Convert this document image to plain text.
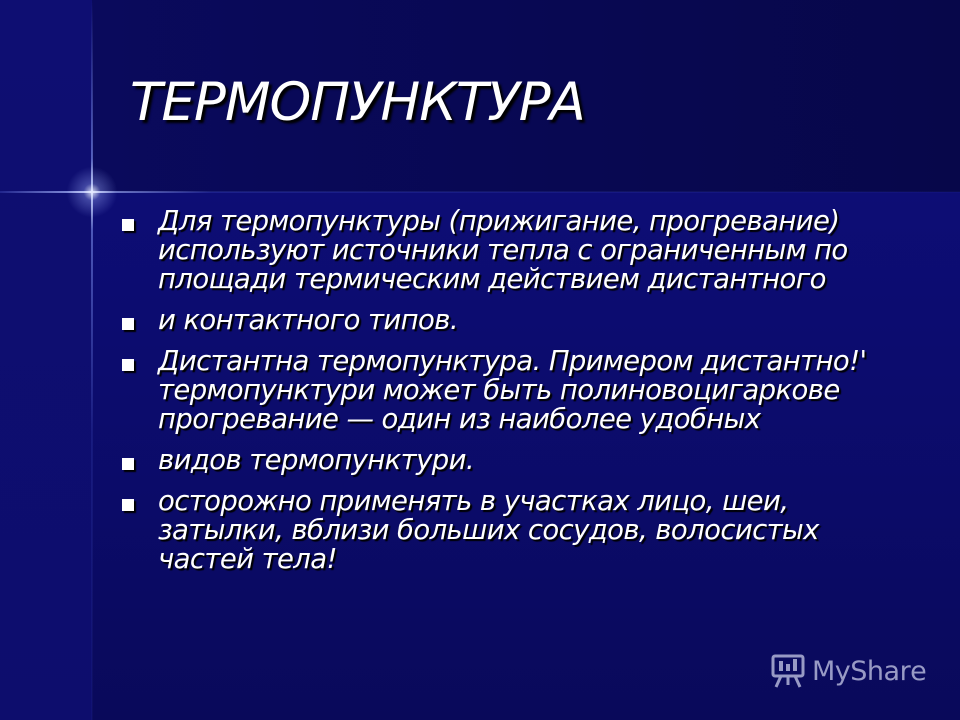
ТЕРМОПУНКТУРА
Для термопунктуры (прижигание, прогревание) используют источники тепла с ограниченным по площади термическим действием дистантного
и контактного типов.
Дистантна термопунктура. Примером дистантно!' термопунктури может быть полиновоцигаркове прогревание — один из наиболее удобных
видов термопунктури.
осторожно применять в участках лицо, шеи, затылки, вблизи больших сосудов, волосистых частей тела!
MySharе
